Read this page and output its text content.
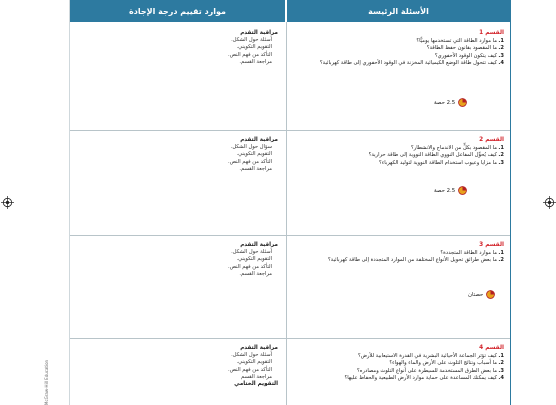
McGraw-Hill Education
موارد تقييم درجة الإجادة	الأسئلة الرئيسة
القسم 1
1.
ما موارد الطاقة التي تستخدمها يوميًّا؟
2.
ما المقصود بقانون حفظ الطاقة؟
3.
كيف يتكون الوقود الأحفوري؟
4.
كيف تتحول طاقة الوضع الكيميائية المخزنة في الوقود الأحفوري إلى طاقة كهربائية؟
2.5 حصة
مراقبة التقدم
أسئلة حول الشكل.
التقويم التكويني.
التأكد من فهم النص.
مراجعة القسم.
القسم 2
1.
ما المقصود بكلٍّ من الاندماج والانشطار؟
2.
كيف يُحوِّل المفاعل النووي الطاقة النووية إلى طاقة حرارية؟
3.
ما مزايا وعيوب استخدام الطاقة النووية لتوليد الكهرباء؟
2.5 حصة
مراقبة التقدم
سؤال حول الشكل.
التقويم التكويني.
التأكد من فهم النص.
مراجعة القسم.
القسم 3
1.
ما موارد الطاقة المتجددة؟
2.
ما بعض طرائق تحويل الأنواع المختلفة من الموارد المتجددة إلى طاقة كهربائية؟
حصتان
مراقبة التقدم
أسئلة حول الشكل.
التقويم التكويني.
التأكد من فهم النص.
مراجعة القسم.
القسم 4
1.
كيف تؤثر الجماعة الأحيائية البشرية في القدرة الاستيعابية للأرض؟
2.
ما أسباب ونتائج التلوث على الأرض والماء والهواء؟
3.
ما بعض الطرق المستخدمة للسيطرة على أنواع التلوث ومصادره؟
4.
كيف يمكنك المساعدة على حماية موارد الأرض الطبيعية والحفاظ عليها؟
مراقبة التقدم
أسئلة حول الشكل.
التقويم التكويني.
التأكد من فهم النص.
مراجعة القسم
التقويم الختامي
